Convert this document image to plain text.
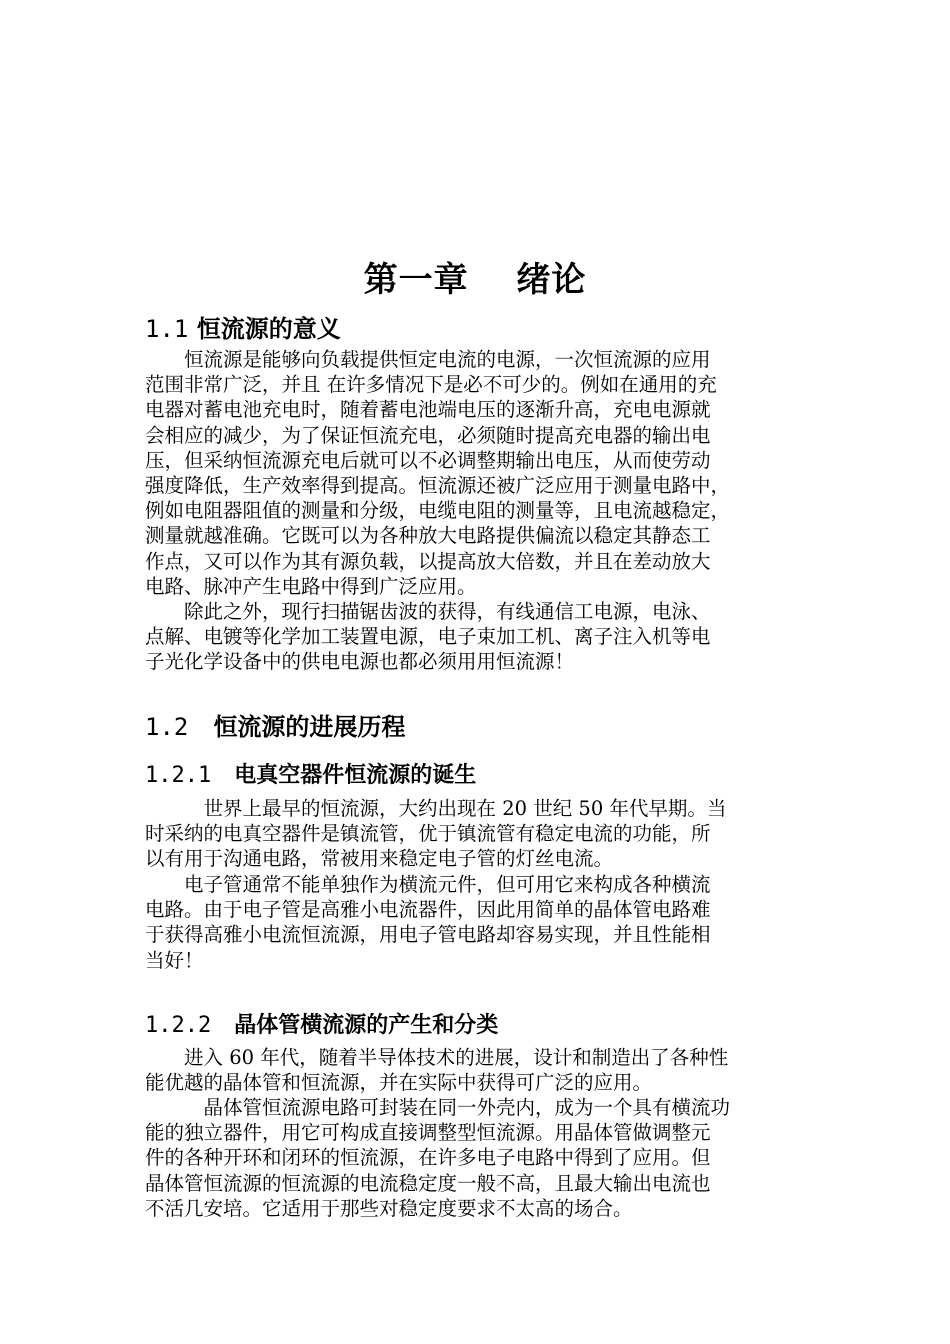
第一章　 绪论
1.1 恒流源的意义
　　恒流源是能够向负载提供恒定电流的电源，一次恒流源的应用
范围非常广泛，并且 在许多情况下是必不可少的。例如在通用的充
电器对蓄电池充电时，随着蓄电池端电压的逐渐升高，充电电源就
会相应的减少，为了保证恒流充电，必须随时提高充电器的输出电
压，但采纳恒流源充电后就可以不必调整期输出电压，从而使劳动
强度降低，生产效率得到提高。恒流源还被广泛应用于测量电路中，
例如电阻器阻值的测量和分级，电缆电阻的测量等，且电流越稳定，
测量就越准确。它既可以为各种放大电路提供偏流以稳定其静态工
作点，又可以作为其有源负载，以提高放大倍数，并且在差动放大
电路、脉冲产生电路中得到广泛应用。
　　除此之外，现行扫描锯齿波的获得，有线通信工电源，电泳、
点解、电镀等化学加工装置电源，电子束加工机、离子注入机等电
子光化学设备中的供电电源也都必须用用恒流源！
1.2 恒流源的进展历程
1.2.1 电真空器件恒流源的诞生
　　　世界上最早的恒流源，大约出现在 20 世纪 50 年代早期。当
时采纳的电真空器件是镇流管，优于镇流管有稳定电流的功能，所
以有用于沟通电路，常被用来稳定电子管的灯丝电流。
　　电子管通常不能单独作为横流元件，但可用它来构成各种横流
电路。由于电子管是高雅小电流器件，因此用简单的晶体管电路难
于获得高雅小电流恒流源，用电子管电路却容易实现，并且性能相
当好！
1.2.2 晶体管横流源的产生和分类
　　进入 60 年代，随着半导体技术的进展，设计和制造出了各种性
能优越的晶体管和恒流源，并在实际中获得可广泛的应用。
　　　晶体管恒流源电路可封装在同一外壳内，成为一个具有横流功
能的独立器件，用它可构成直接调整型恒流源。用晶体管做调整元
件的各种开环和闭环的恒流源，在许多电子电路中得到了应用。但
晶体管恒流源的恒流源的电流稳定度一般不高，且最大输出电流也
不活几安培。它适用于那些对稳定度要求不太高的场合。
